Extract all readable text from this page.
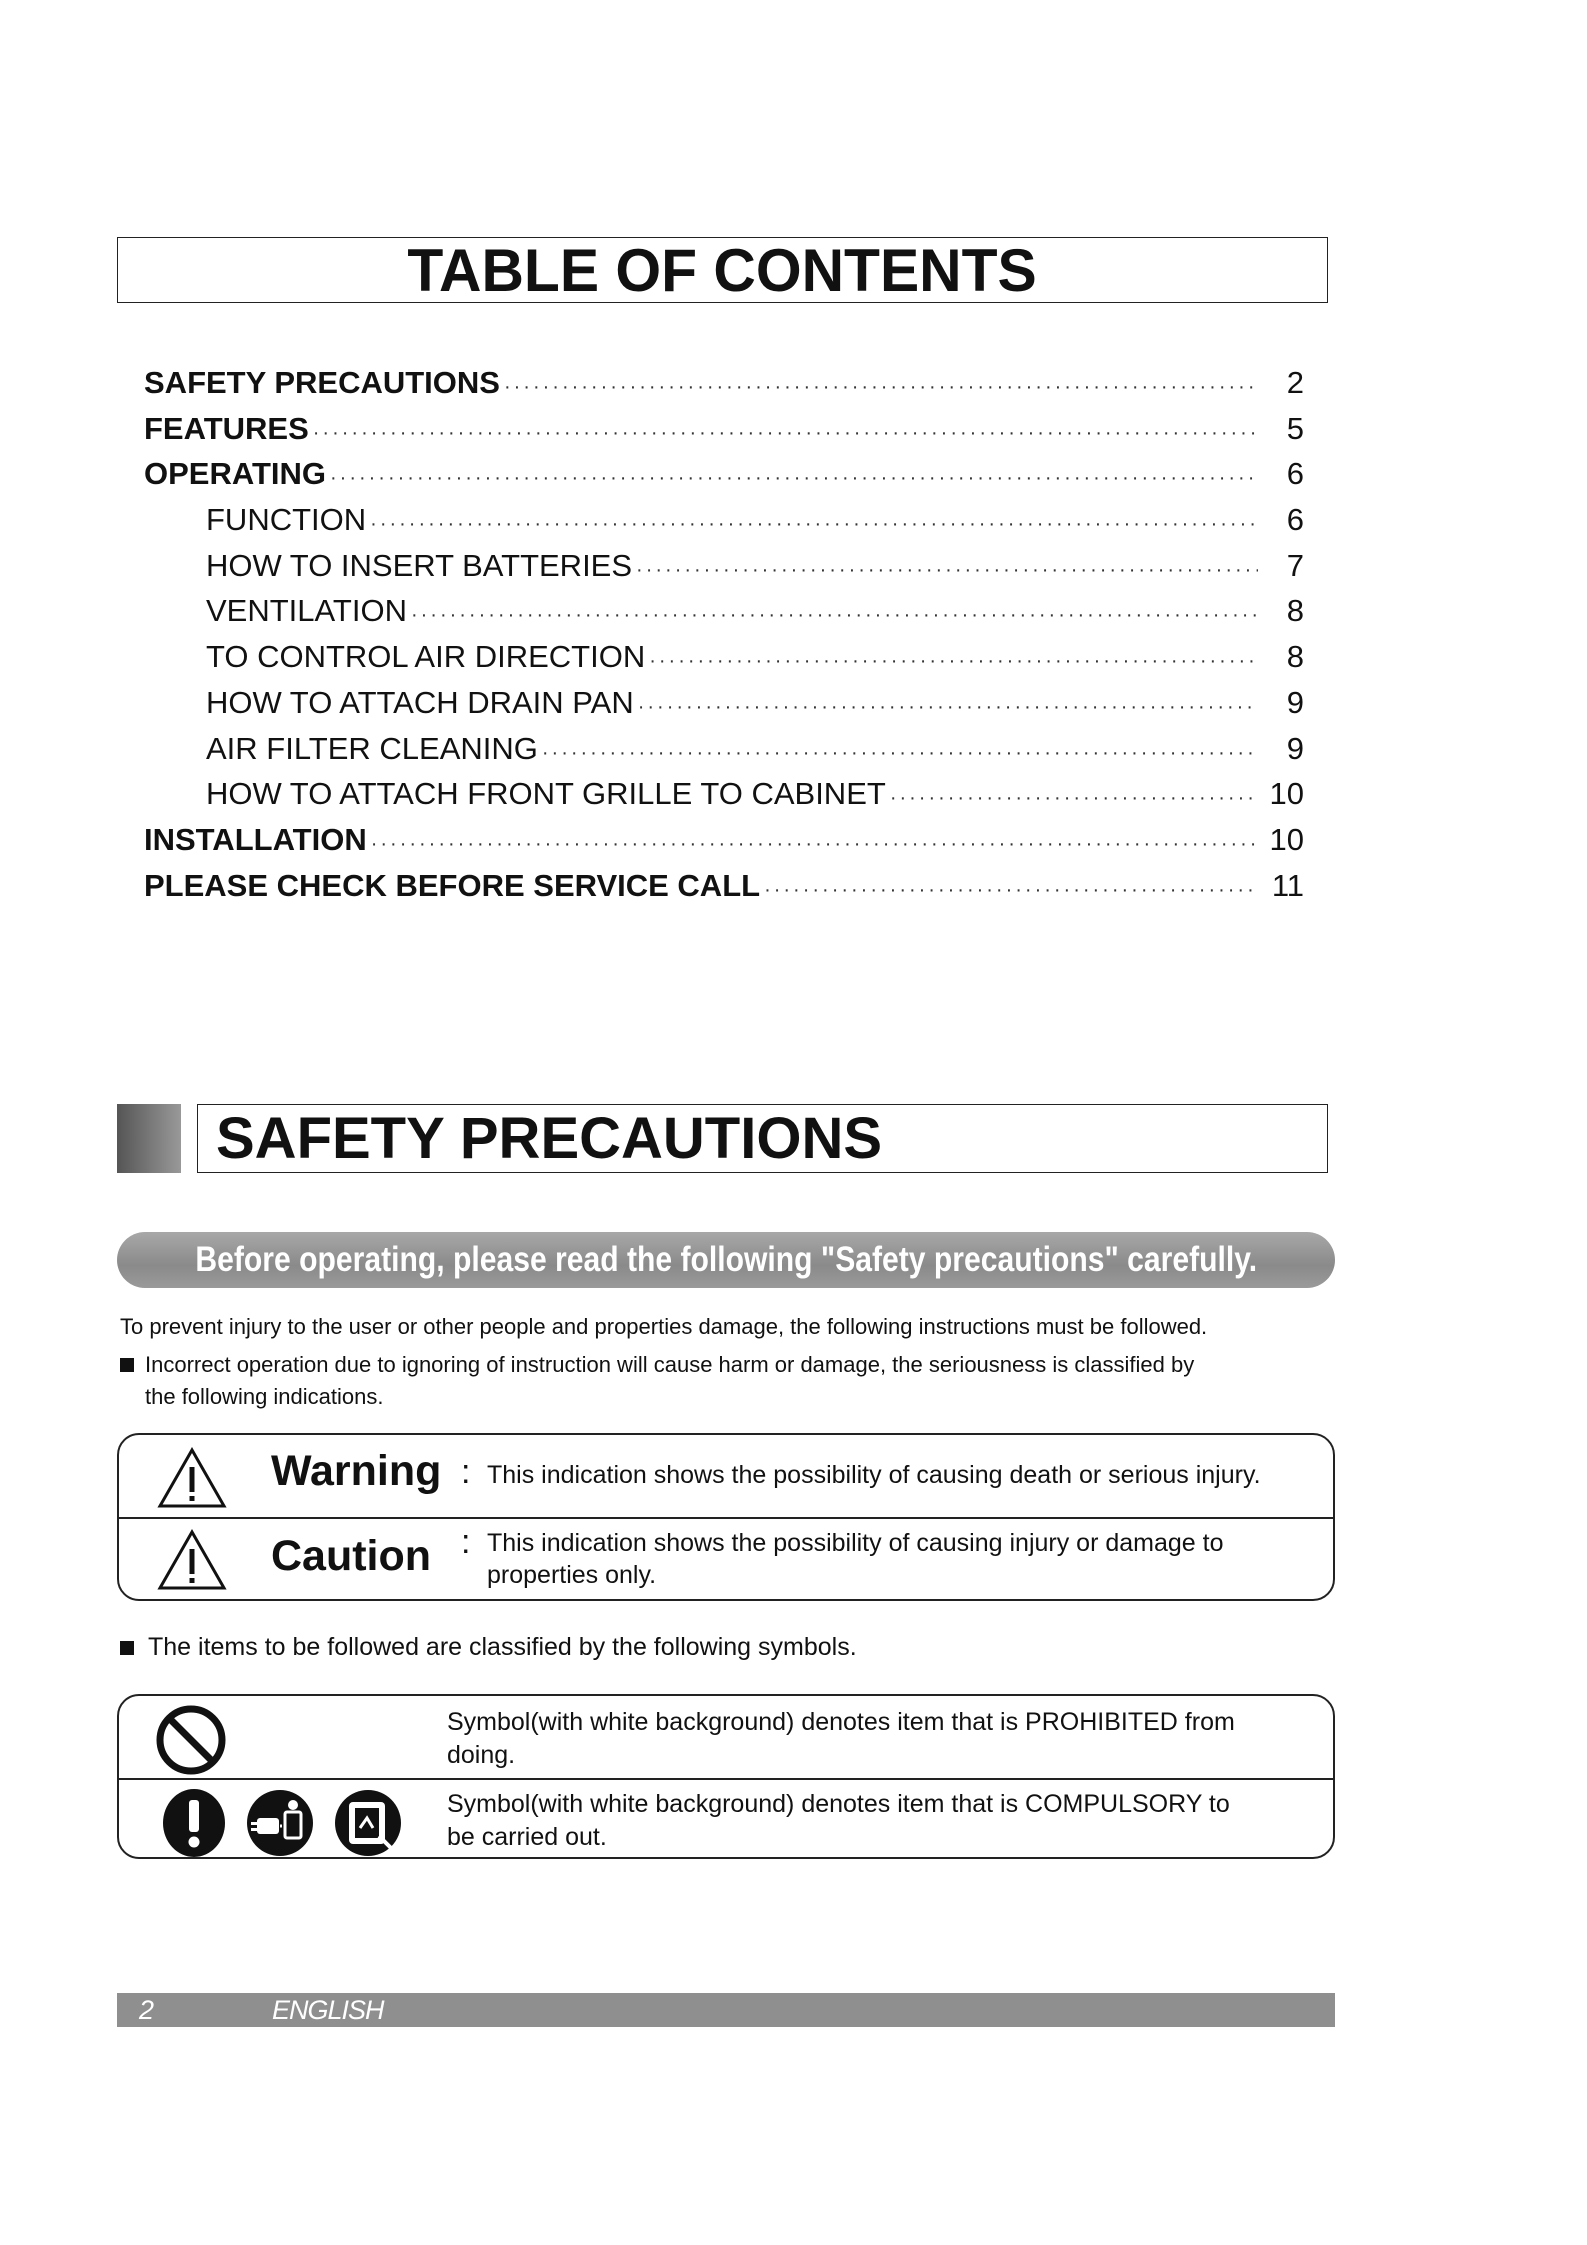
TABLE OF CONTENTS
SAFETY PRECAUTIONS ·····	2
FEATURES ·····	5
OPERATING ·····	6
FUNCTION ·····	6
HOW TO INSERT BATTERIES ·····	7
VENTILATION ·····	8
TO CONTROL AIR DIRECTION ·····	8
HOW TO ATTACH DRAIN PAN ·····	9
AIR FILTER CLEANING ·····	9
HOW TO ATTACH FRONT GRILLE TO CABINET ·····	10
INSTALLATION ·····	10
PLEASE CHECK BEFORE SERVICE CALL ·····	11
SAFETY PRECAUTIONS
Before operating, please read the following "Safety precautions" carefully.
To prevent injury to the user or other people and properties damage, the following instructions must be followed.
Incorrect operation due to ignoring of instruction will cause harm or damage, the seriousness is classified by
the following indications.
Warning : This indication shows the possibility of causing death or serious injury.
Caution : This indication shows the possibility of causing injury or damage to
properties only.
The items to be followed are classified by the following symbols.
Symbol(with white background) denotes item that is PROHIBITED from
doing.
Symbol(with white background) denotes item that is COMPULSORY to
be carried out.
2	ENGLISH
